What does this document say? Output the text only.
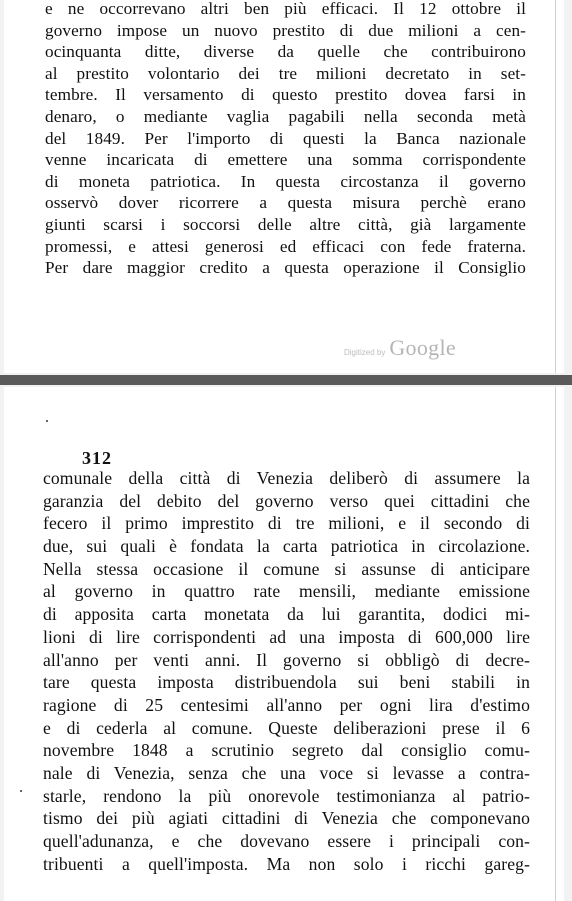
e ne occorrevano altri ben più efficaci. Il 12 ottobre il
governo impose un nuovo prestito di due milioni a cen-
ocinquanta ditte, diverse da quelle che contribuirono
al prestito volontario dei tre milioni decretato in set-
tembre. Il versamento di questo prestito dovea farsi in
denaro, o mediante vaglia pagabili nella seconda metà
del 1849. Per l'importo di questi la Banca nazionale
venne incaricata di emettere una somma corrispondente
di moneta patriotica. In questa circostanza il governo
osservò dover ricorrere a questa misura perchè erano
giunti scarsi i soccorsi delle altre città, già largamente
promessi, e attesi generosi ed efficaci con fede fraterna.
Per dare maggior credito a questa operazione il Consiglio
Digitized by Google
312
comunale della città di Venezia deliberò di assumere la
garanzia del debito del governo verso quei cittadini che
fecero il primo imprestito di tre milioni, e il secondo di
due, sui quali è fondata la carta patriotica in circolazione.
Nella stessa occasione il comune si assunse di anticipare
al governo in quattro rate mensili, mediante emissione
di apposita carta monetata da lui garantita, dodici mi-
lioni di lire corrispondenti ad una imposta di 600,000 lire
all'anno per venti anni. Il governo si obbligò di decre-
tare questa imposta distribuendola sui beni stabili in
ragione di 25 centesimi all'anno per ogni lira d'estimo
e di cederla al comune. Queste deliberazioni prese il 6
novembre 1848 a scrutinio segreto dal consiglio comu-
nale di Venezia, senza che una voce si levasse a contra-
starle, rendono la più onorevole testimonianza al patrio-
tismo dei più agiati cittadini di Venezia che componevano
quell'adunanza, e che dovevano essere i principali con-
tribuenti a quell'imposta. Ma non solo i ricchi gareg-
